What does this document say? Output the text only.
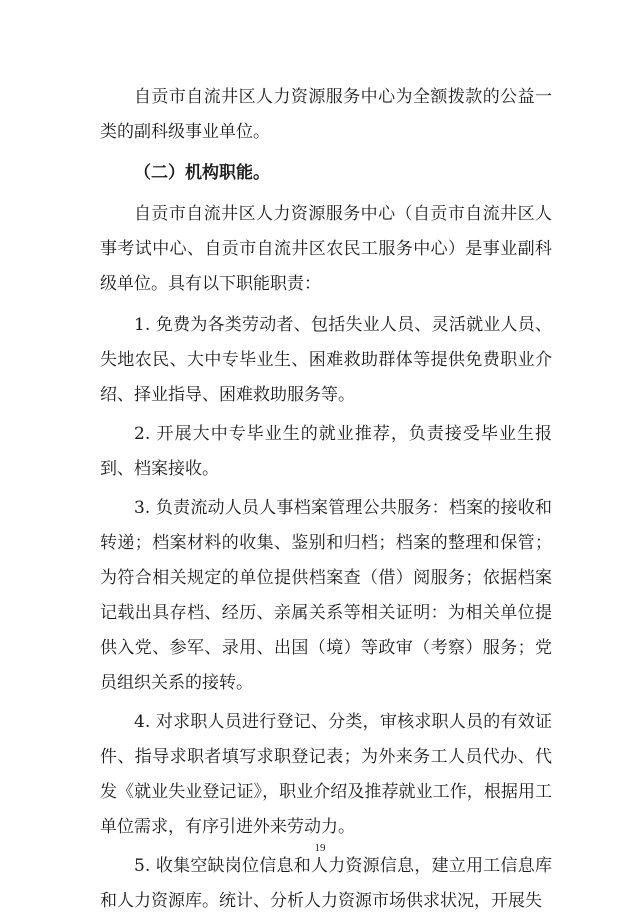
自贡市自流井区人力资源服务中心为全额拨款的公益一类的副科级事业单位。

（二）机构职能。

自贡市自流井区人力资源服务中心（自贡市自流井区人事考试中心、自贡市自流井区农民工服务中心）是事业副科级单位。具有以下职能职责：

1. 免费为各类劳动者、包括失业人员、灵活就业人员、失地农民、大中专毕业生、困难救助群体等提供免费职业介绍、择业指导、困难救助服务等。

2. 开展大中专毕业生的就业推荐，负责接受毕业生报到、档案接收。

3. 负责流动人员人事档案管理公共服务：档案的接收和转递；档案材料的收集、鉴别和归档；档案的整理和保管；为符合相关规定的单位提供档案查（借）阅服务；依据档案记载出具存档、经历、亲属关系等相关证明：为相关单位提供入党、参军、录用、出国（境）等政审（考察）服务；党员组织关系的接转。

4. 对求职人员进行登记、分类，审核求职人员的有效证件、指导求职者填写求职登记表；为外来务工人员代办、代发《就业失业登记证》，职业介绍及推荐就业工作，根据用工单位需求，有序引进外来劳动力。

5. 收集空缺岗位信息和人力资源信息，建立用工信息库和人力资源库。统计、分析人力资源市场供求状况，开展失

19
